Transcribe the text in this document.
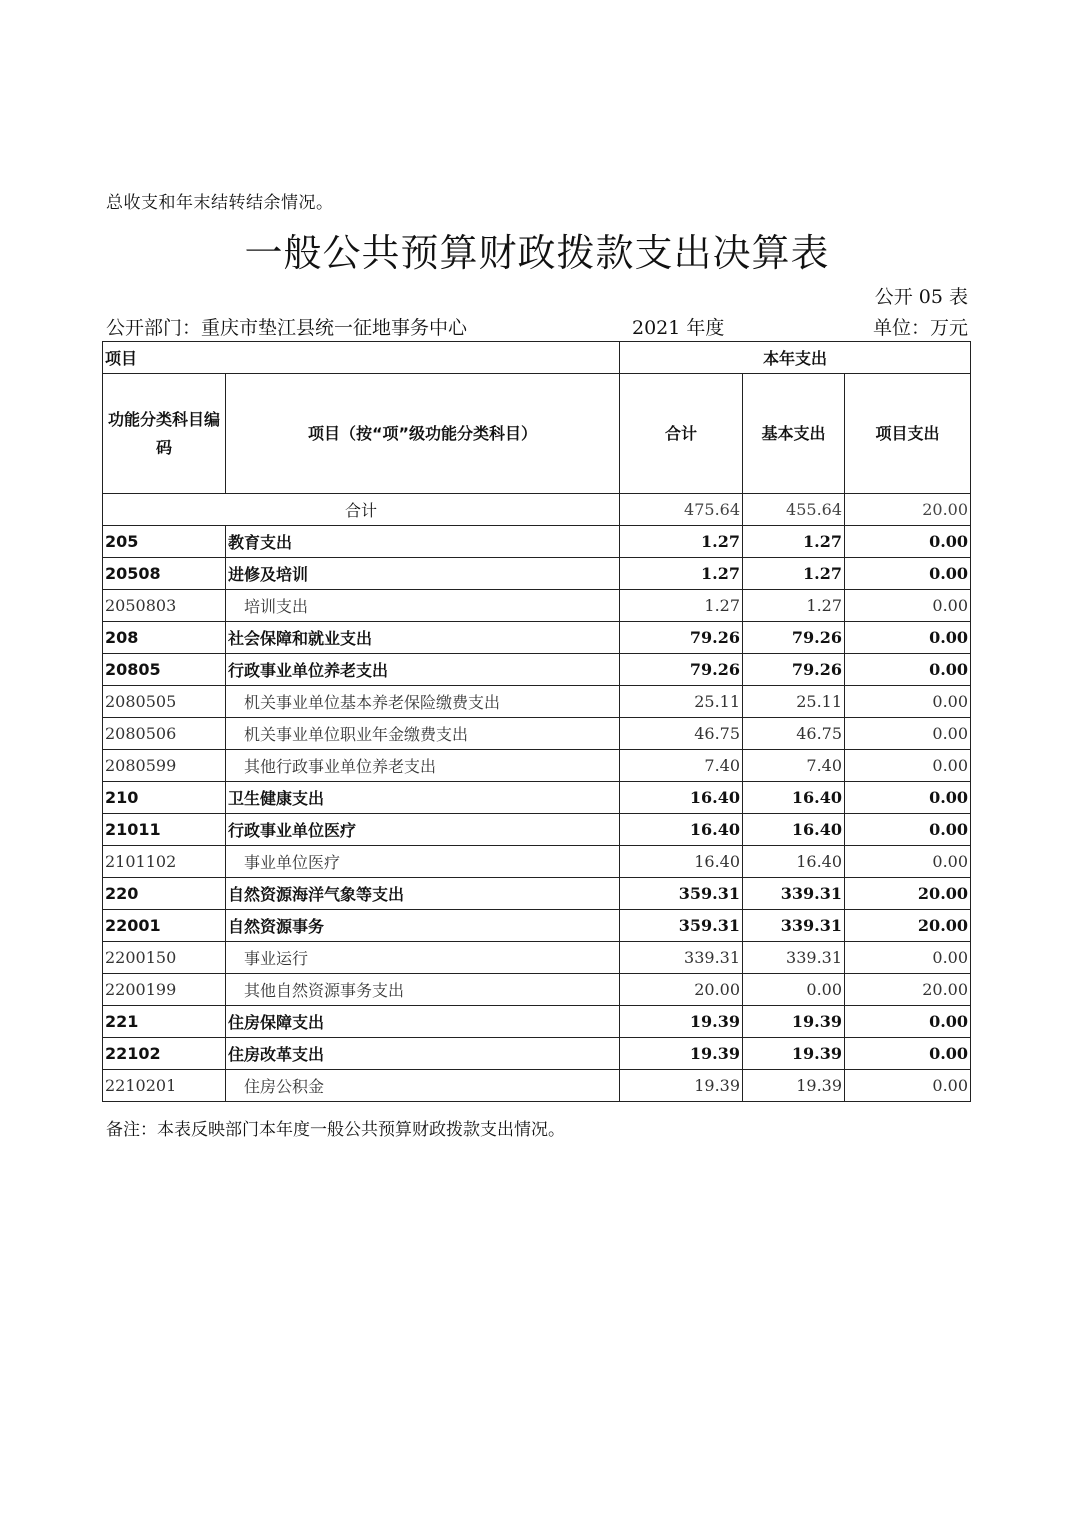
总收支和年末结转结余情况。
一般公共预算财政拨款支出决算表
公开 05 表
公开部门：重庆市垫江县统一征地事务中心	2021 年度	单位：万元
项目		本年支出		
功能分类科目编码	项目（按“项”级功能分类科目）	合计	基本支出	项目支出
合计		475.64	455.64	20.00
205	教育支出	1.27	1.27	0.00
20508	进修及培训	1.27	1.27	0.00
2050803	培训支出	1.27	1.27	0.00
208	社会保障和就业支出	79.26	79.26	0.00
20805	行政事业单位养老支出	79.26	79.26	0.00
2080505	机关事业单位基本养老保险缴费支出	25.11	25.11	0.00
2080506	机关事业单位职业年金缴费支出	46.75	46.75	0.00
2080599	其他行政事业单位养老支出	7.40	7.40	0.00
210	卫生健康支出	16.40	16.40	0.00
21011	行政事业单位医疗	16.40	16.40	0.00
2101102	事业单位医疗	16.40	16.40	0.00
220	自然资源海洋气象等支出	359.31	339.31	20.00
22001	自然资源事务	359.31	339.31	20.00
2200150	事业运行	339.31	339.31	0.00
2200199	其他自然资源事务支出	20.00	0.00	20.00
221	住房保障支出	19.39	19.39	0.00
22102	住房改革支出	19.39	19.39	0.00
2210201	住房公积金	19.39	19.39	0.00
备注：本表反映部门本年度一般公共预算财政拨款支出情况。
